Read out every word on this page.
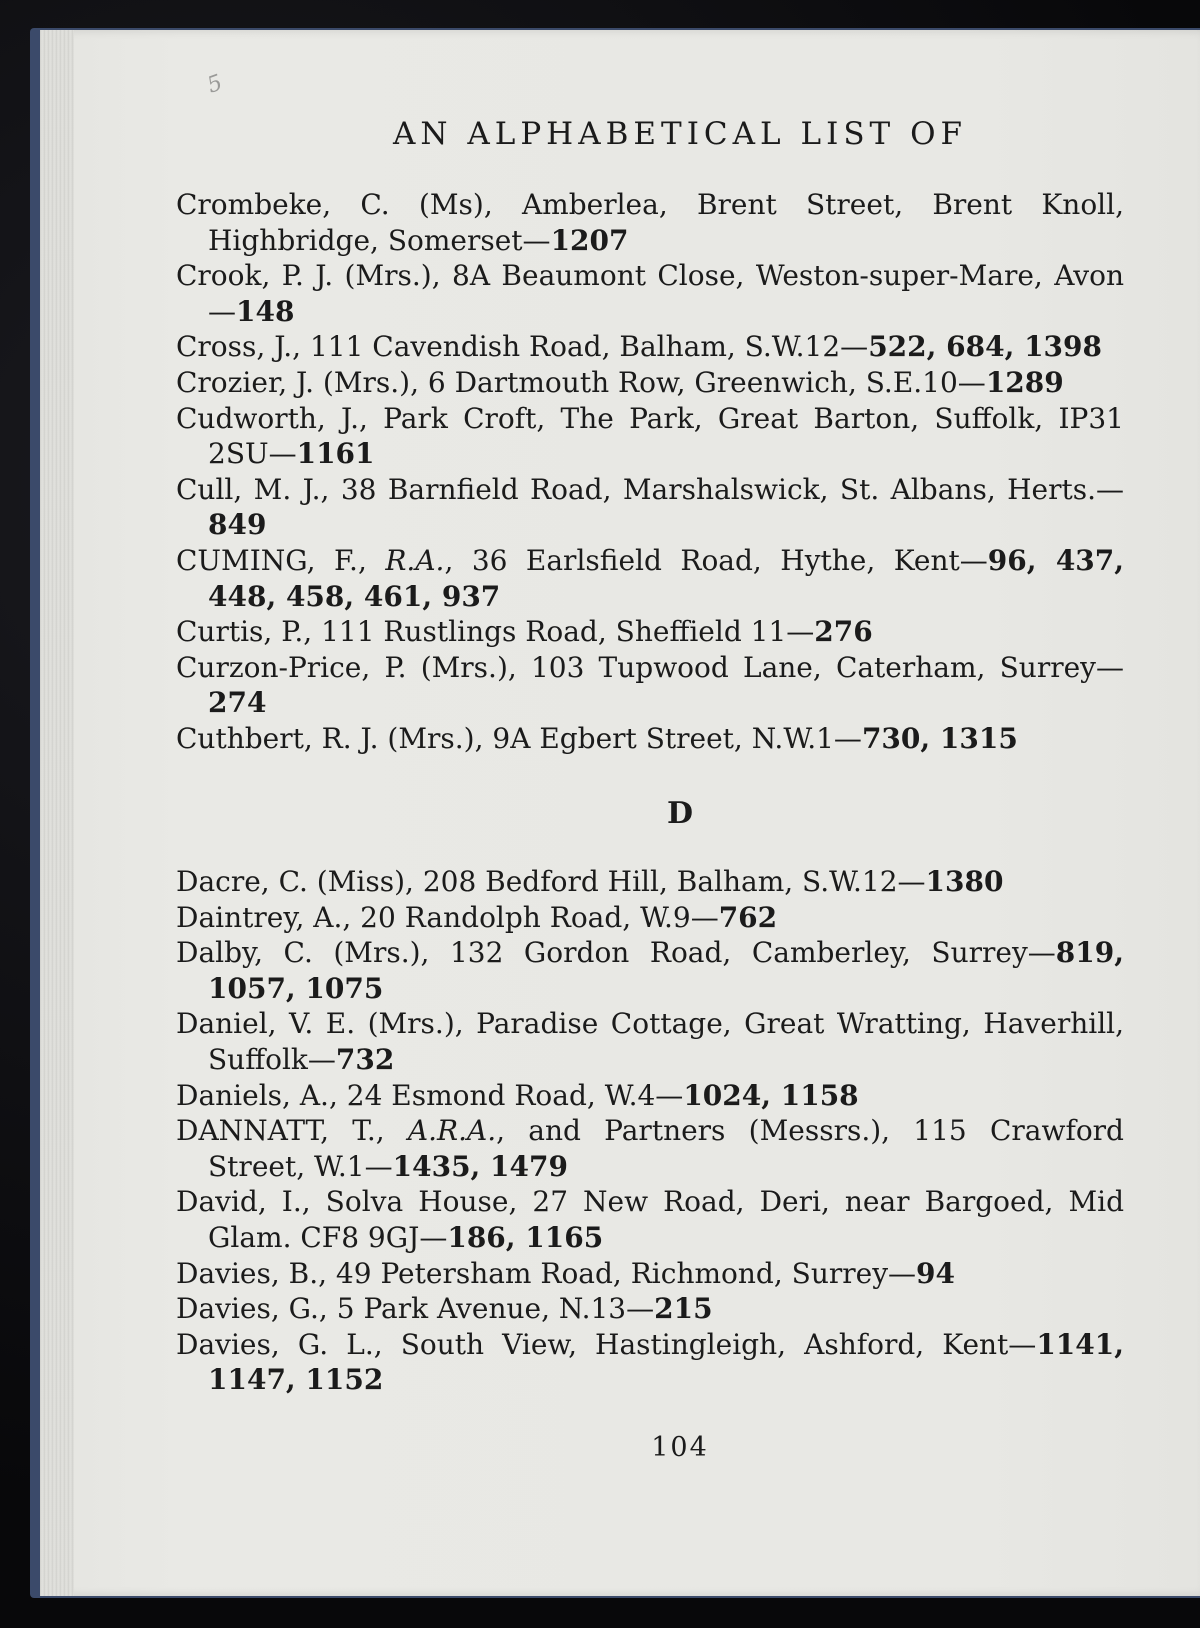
5
AN ALPHABETICAL LIST OF
Crombeke, C. (Ms), Amberlea, Brent Street, Brent Knoll, Highbridge, Somerset—1207
Crook, P. J. (Mrs.), 8A Beaumont Close, Weston-super-Mare, Avon—148
Cross, J., 111 Cavendish Road, Balham, S.W.12—522, 684, 1398
Crozier, J. (Mrs.), 6 Dartmouth Row, Greenwich, S.E.10—1289
Cudworth, J., Park Croft, The Park, Great Barton, Suffolk, IP31 2SU—1161
Cull, M. J., 38 Barnfield Road, Marshalswick, St. Albans, Herts.—849
CUMING, F., R.A., 36 Earlsfield Road, Hythe, Kent—96, 437, 448, 458, 461, 937
Curtis, P., 111 Rustlings Road, Sheffield 11—276
Curzon-Price, P. (Mrs.), 103 Tupwood Lane, Caterham, Surrey—274
Cuthbert, R. J. (Mrs.), 9A Egbert Street, N.W.1—730, 1315
D
Dacre, C. (Miss), 208 Bedford Hill, Balham, S.W.12—1380
Daintrey, A., 20 Randolph Road, W.9—762
Dalby, C. (Mrs.), 132 Gordon Road, Camberley, Surrey—819, 1057, 1075
Daniel, V. E. (Mrs.), Paradise Cottage, Great Wratting, Haverhill, Suffolk—732
Daniels, A., 24 Esmond Road, W.4—1024, 1158
DANNATT, T., A.R.A., and Partners (Messrs.), 115 Crawford Street, W.1—1435, 1479
David, I., Solva House, 27 New Road, Deri, near Bargoed, Mid Glam. CF8 9GJ—186, 1165
Davies, B., 49 Petersham Road, Richmond, Surrey—94
Davies, G., 5 Park Avenue, N.13—215
Davies, G. L., South View, Hastingleigh, Ashford, Kent—1141, 1147, 1152
104
